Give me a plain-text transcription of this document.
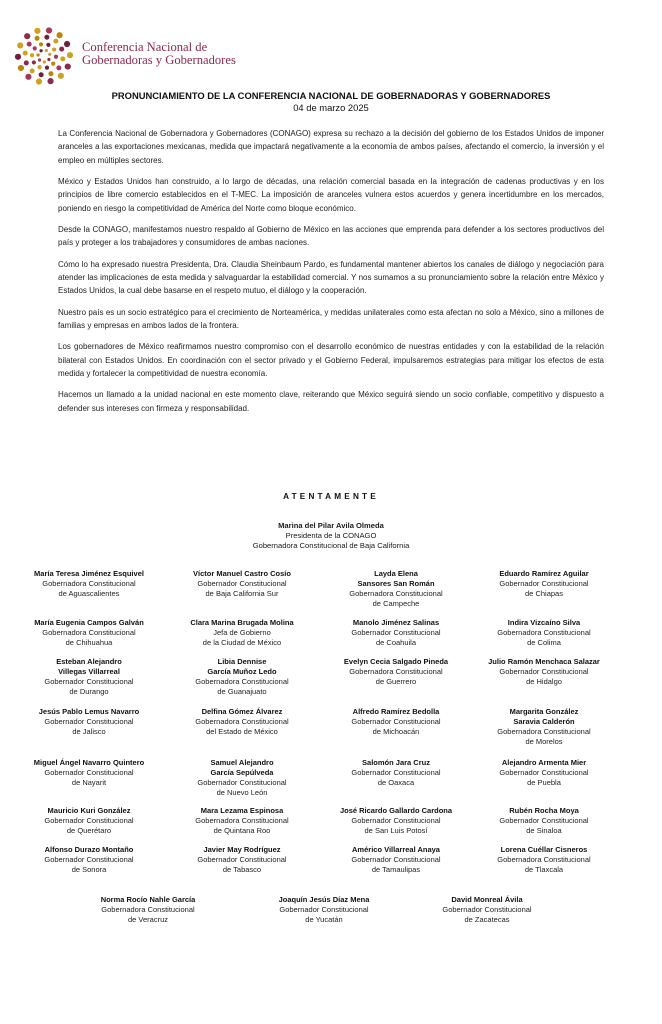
Conferencia Nacional de
Gobernadoras y Gobernadores
PRONUNCIAMIENTO DE LA CONFERENCIA NACIONAL DE GOBERNADORAS Y GOBERNADORES
04 de marzo 2025

La Conferencia Nacional de Gobernadora y Gobernadores (CONAGO) expresa su rechazo a la decisión del gobierno de los Estados Unidos de imponer aranceles a las exportaciones mexicanas, medida que impactará negativamente a la economía de ambos países, afectando el comercio, la inversión y el empleo en múltiples sectores.

México y Estados Unidos han construido, a lo largo de décadas, una relación comercial basada en la integración de cadenas productivas y en los principios de libre comercio establecidos en el T-MEC. La imposición de aranceles vulnera estos acuerdos y genera incertidumbre en los mercados, poniendo en riesgo la competitividad de América del Norte como bloque económico.

Desde la CONAGO, manifestamos nuestro respaldo al Gobierno de México en las acciones que emprenda para defender a los sectores productivos del país y proteger a los trabajadores y consumidores de ambas naciones.

Cómo lo ha expresado nuestra Presidenta, Dra. Claudia Sheinbaum Pardo, es fundamental mantener abiertos los canales de diálogo y negociación para atender las implicaciones de esta medida y salvaguardar la estabilidad comercial. Y nos sumamos a su pronunciamiento sobre la relación entre México y Estados Unidos, la cual debe basarse en el respeto mutuo, el diálogo y la cooperación.

Nuestro país es un socio estratégico para el crecimiento de Norteamérica, y medidas unilaterales como esta afectan no solo a México, sino a millones de familias y empresas en ambos lados de la frontera.

Los gobernadores de México reafirmamos nuestro compromiso con el desarrollo económico de nuestras entidades y con la estabilidad de la relación bilateral con Estados Unidos. En coordinación con el sector privado y el Gobierno Federal, impulsaremos estrategias para mitigar los efectos de esta medida y fortalecer la competitividad de nuestra economía.

Hacemos un llamado a la unidad nacional en este momento clave, reiterando que México seguirá siendo un socio confiable, competitivo y dispuesto a defender sus intereses con firmeza y responsabilidad.

ATENTAMENTE
Marina del Pilar Avila Olmeda
Presidenta de la CONAGO
Gobernadora Constitucional de Baja California
María Teresa Jiménez Esquivel
Gobernadora Constitucional
de Aguascalientes
Víctor Manuel Castro Cosío
Gobernador Constitucional
de Baja California Sur
Layda Elena
Sansores San Román
Gobernadora Constitucional
de Campeche
Eduardo Ramírez Aguilar
Gobernador Constitucional
de Chiapas
María Eugenia Campos Galván
Gobernadora Constitucional
de Chihuahua
Clara Marina Brugada Molina
Jefa de Gobierno
de la Ciudad de México
Manolo Jiménez Salinas
Gobernador Constitucional
de Coahuila
Indira Vizcaíno Silva
Gobernadora Constitucional
de Colima
Esteban Alejandro
Villegas Villarreal
Gobernador Constitucional
de Durango
Libia Dennise
García Muñoz Ledo
Gobernadora Constitucional
de Guanajuato
Evelyn Cecia Salgado Pineda
Gobernadora Constitucional
de Guerrero
Julio Ramón Menchaca Salazar
Gobernador Constitucional
de Hidalgo
Jesús Pablo Lemus Navarro
Gobernador Constitucional
de Jalisco
Delfina Gómez Álvarez
Gobernadora Constitucional
del Estado de México
Alfredo Ramírez Bedolla
Gobernador Constitucional
de Michoacán
Margarita González
Saravia Calderón
Gobernadora Constitucional
de Morelos
Miguel Ángel Navarro Quintero
Gobernador Constitucional
de Nayarit
Samuel Alejandro
García Sepúlveda
Gobernador Constitucional
de Nuevo León
Salomón Jara Cruz
Gobernador Constitucional
de Oaxaca
Alejandro Armenta Mier
Gobernador Constitucional
de Puebla
Mauricio Kuri González
Gobernador Constitucional
de Querétaro
Mara Lezama Espinosa
Gobernadora Constitucional
de Quintana Roo
José Ricardo Gallardo Cardona
Gobernador Constitucional
de San Luis Potosí
Rubén Rocha Moya
Gobernador Constitucional
de Sinaloa
Alfonso Durazo Montaño
Gobernador Constitucional
de Sonora
Javier May Rodríguez
Gobernador Constitucional
de Tabasco
Américo Villarreal Anaya
Gobernador Constitucional
de Tamaulipas
Lorena Cuéllar Cisneros
Gobernadora Constitucional
de Tlaxcala
Norma Rocío Nahle García
Gobernadora Constitucional
de Veracruz
Joaquín Jesús Díaz Mena
Gobernador Constitucional
de Yucatán
David Monreal Ávila
Gobernador Constitucional
de Zacatecas
